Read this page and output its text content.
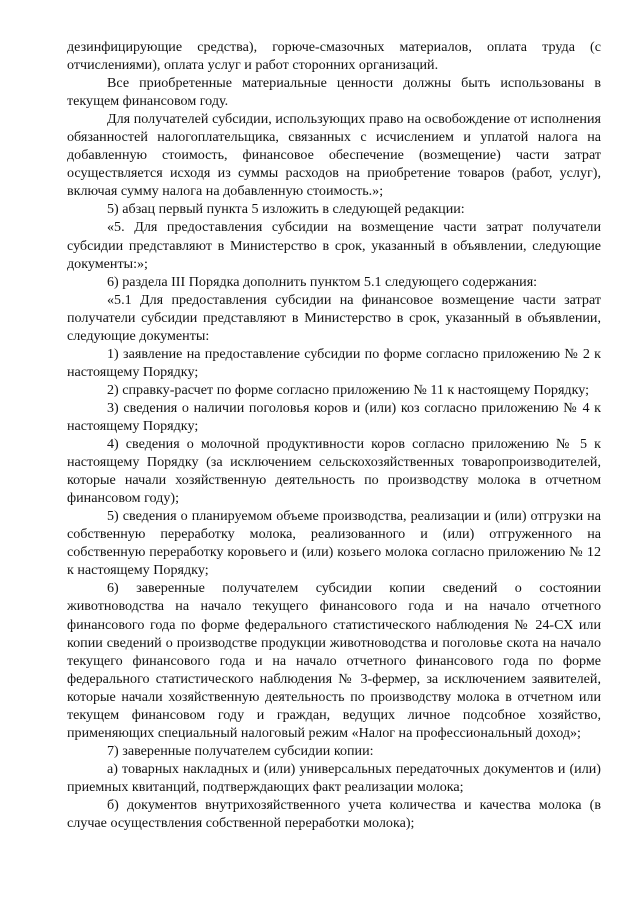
дезинфицирующие средства), горюче-смазочных материалов, оплата труда (с отчислениями), оплата услуг и работ сторонних организаций.

Все приобретенные материальные ценности должны быть использованы в текущем финансовом году.

Для получателей субсидии, использующих право на освобождение от исполнения обязанностей налогоплательщика, связанных с исчислением и уплатой налога на добавленную стоимость, финансовое обеспечение (возмещение) части затрат осуществляется исходя из суммы расходов на приобретение товаров (работ, услуг), включая сумму налога на добавленную стоимость.»;

5) абзац первый пункта 5 изложить в следующей редакции:

«5. Для предоставления субсидии на возмещение части затрат получатели субсидии представляют в Министерство в срок, указанный в объявлении, следующие документы:»;

6) раздела III Порядка дополнить пунктом 5.1 следующего содержания:

«5.1 Для предоставления субсидии на финансовое возмещение части затрат получатели субсидии представляют в Министерство в срок, указанный в объявлении, следующие документы:

1) заявление на предоставление субсидии по форме согласно приложению № 2 к настоящему Порядку;

2) справку-расчет по форме согласно приложению № 11 к настоящему Порядку;

3) сведения о наличии поголовья коров и (или) коз согласно приложению № 4 к настоящему Порядку;

4) сведения о молочной продуктивности коров согласно приложению № 5 к настоящему Порядку (за исключением сельскохозяйственных товаропроизводителей, которые начали хозяйственную деятельность по производству молока в отчетном финансовом году);

5) сведения о планируемом объеме производства, реализации и (или) отгрузки на собственную переработку молока, реализованного и (или) отгруженного на собственную переработку коровьего и (или) козьего молока согласно приложению № 12 к настоящему Порядку;

6) заверенные получателем субсидии копии сведений о состоянии животноводства на начало текущего финансового года и на начало отчетного финансового года по форме федерального статистического наблюдения № 24-СХ или копии сведений о производстве продукции животноводства и поголовье скота на начало текущего финансового года и на начало отчетного финансового года по форме федерального статистического наблюдения № 3-фермер, за исключением заявителей, которые начали хозяйственную деятельность по производству молока в отчетном или текущем финансовом году и граждан, ведущих личное подсобное хозяйство, применяющих специальный налоговый режим «Налог на профессиональный доход»;

7) заверенные получателем субсидии копии:

а) товарных накладных и (или) универсальных передаточных документов и (или) приемных квитанций, подтверждающих факт реализации молока;

б) документов внутрихозяйственного учета количества и качества молока (в случае осуществления собственной переработки молока);
